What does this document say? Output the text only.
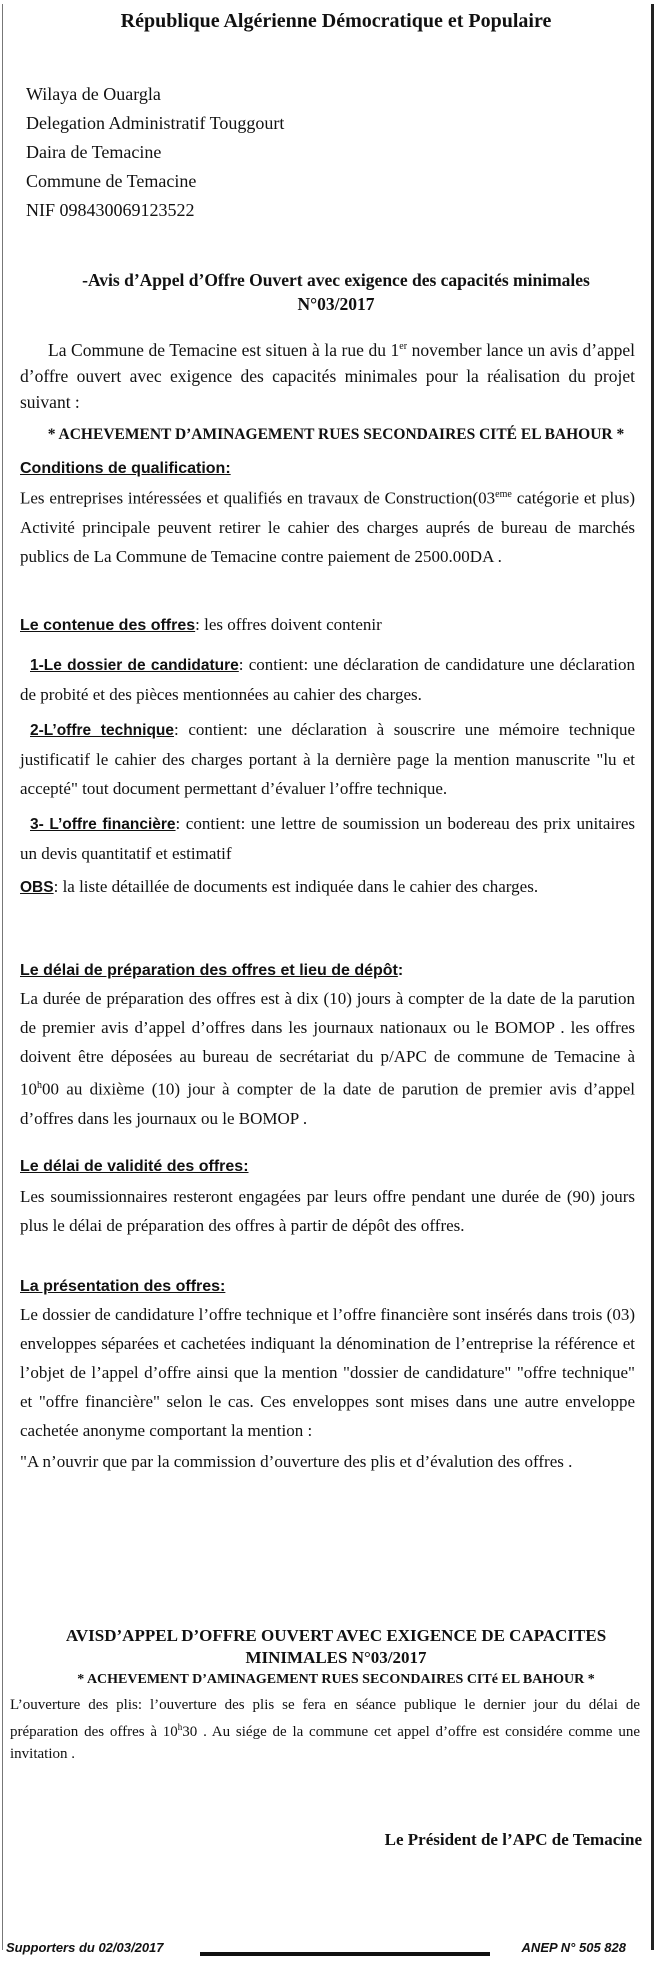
République Algérienne Démocratique et Populaire

Wilaya de Ouargla

Delegation Administratif Touggourt

Daira de Temacine

Commune de Temacine

NIF 098430069123522

-Avis d’Appel d’Offre Ouvert avec exigence des capacités minimales

N°03/2017

La Commune de Temacine est situen à la rue du 1er november lance un avis d’appel d’offre ouvert avec exigence des capacités minimales pour la réalisation du projet suivant :
* ACHEVEMENT D’AMINAGEMENT RUES SECONDAIRES CITÉ EL BAHOUR *
Conditions de qualification:
Les entreprises intéressées et qualifiés en travaux de Construction(03eme catégorie et plus) Activité principale peuvent retirer le cahier des charges auprés de bureau de marchés publics de La Commune de Temacine contre paiement de 2500.00DA .
Le contenue des offres: les offres doivent contenir
1-Le dossier de candidature: contient: une déclaration de candidature une déclaration de probité et des pièces mentionnées au cahier des charges.
2-L’offre technique: contient: une déclaration à souscrire une mémoire technique justificatif le cahier des charges portant à la dernière page la mention manuscrite "lu et accepté" tout document permettant d’évaluer l’offre technique.
3- L’offre financière: contient: une lettre de soumission un bodereau des prix unitaires un devis quantitatif et estimatif
OBS: la liste détaillée de documents est indiquée dans le cahier des charges.
Le délai de préparation des offres et lieu de dépôt:
La durée de préparation des offres est à dix (10) jours à compter de la date de la parution de premier avis d’appel d’offres dans les journaux nationaux ou le BOMOP . les offres doivent être déposées au bureau de secrétariat du p/APC de commune de Temacine à 10$^h$00 au dixième (10) jour à compter de la date de parution de premier avis d’appel d’offres dans les journaux ou le BOMOP .
Le délai de validité des offres:
Les soumissionnaires resteront engagées par leurs offre pendant une durée de (90) jours plus le délai de préparation des offres à partir de dépôt des offres.
La présentation des offres:
Le dossier de candidature l’offre technique et l’offre financière sont insérés dans trois (03) enveloppes séparées et cachetées indiquant la dénomination de l’entreprise la référence et l’objet de l’appel d’offre ainsi que la mention "dossier de candidature" "offre technique" et "offre financière" selon le cas. Ces enveloppes sont mises dans une autre enveloppe cachetée anonyme comportant la mention :
"A n’ouvrir que par la commission d’ouverture des plis et d’évalution des offres .

AVISD’APPEL D’OFFRE OUVERT AVEC EXIGENCE DE CAPACITES

MINIMALES N°03/2017

* ACHEVEMENT D’AMINAGEMENT RUES SECONDAIRES CITé EL BAHOUR *
L’ouverture des plis: l’ouverture des plis se fera en séance publique le dernier jour du délai de préparation des offres à 10$^h$30 . Au siége de la commune cet appel d’offre est considére comme une invitation .
Le Président de l’APC de Temacine
Supporters du 02/03/2017	ANEP N° 505 828
